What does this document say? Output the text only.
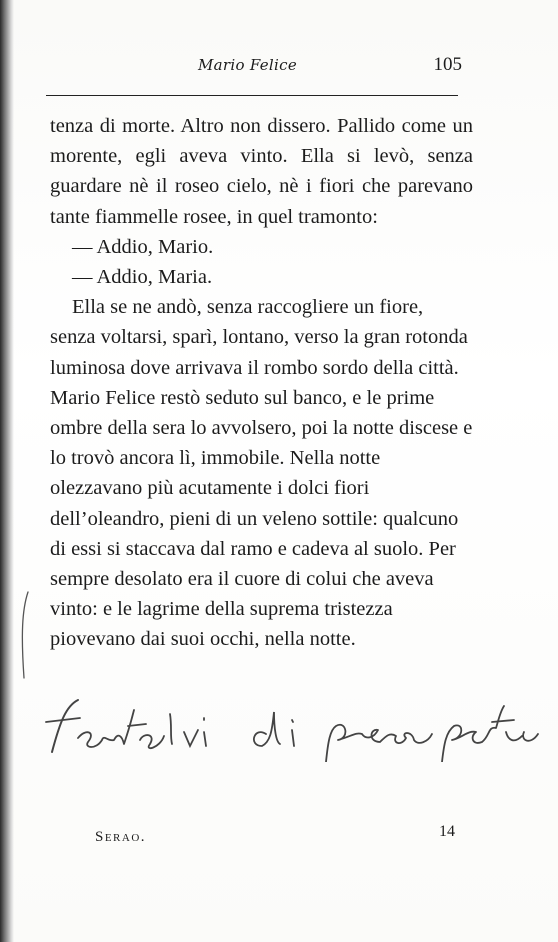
Mario Felice	105

tenza di morte. Altro non dissero. Pallido come un morente, egli aveva vinto. Ella si levò, senza guardare nè il roseo cielo, nè i fiori che parevano tante fiammelle rosee, in quel tramonto:

— Addio, Mario.

— Addio, Maria.

Ella se ne andò, senza raccogliere un fiore, senza voltarsi, sparì, lontano, verso la gran rotonda luminosa dove arrivava il rombo sordo della città. Mario Felice restò seduto sul banco, e le prime ombre della sera lo avvolsero, poi la notte discese e lo trovò ancora lì, immobile. Nella notte olezzavano più acutamente i dolci fiori dell’oleandro, pieni di un veleno sottile: qualcuno di essi si staccava dal ramo e cadeva al suolo. Per sempre desolato era il cuore di colui che aveva vinto: e le lagrime della suprema tristezza piovevano dai suoi occhi, nella notte.

Serao.	14
